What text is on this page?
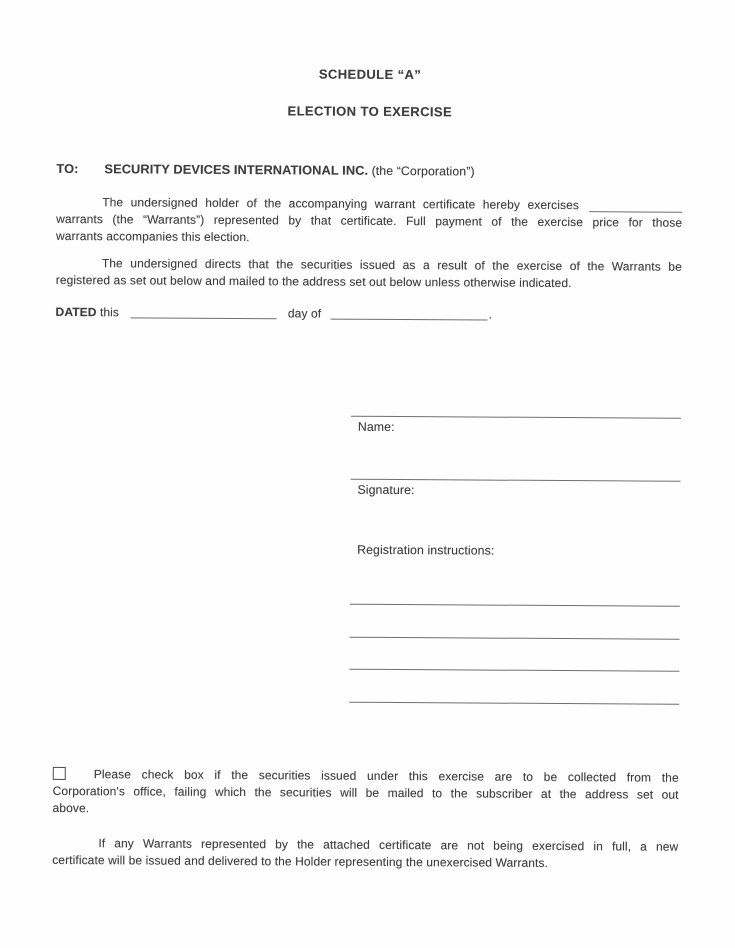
SCHEDULE “A”
ELECTION TO EXERCISE
TO: SECURITY DEVICES INTERNATIONAL INC. (the “Corporation”)
The undersigned holder of the accompanying warrant certificate hereby exercises
warrants (the “Warrants”) represented by that certificate. Full payment of the exercise price for those
warrants accompanies this election.
The undersigned directs that the securities issued as a result of the exercise of the Warrants be
registered as set out below and mailed to the address set out below unless otherwise indicated.
DATED this	day of	.
Name:
Signature:
Registration instructions:
Please check box if the securities issued under this exercise are to be collected from the
Corporation's office, failing which the securities will be mailed to the subscriber at the address set out
above.
If any Warrants represented by the attached certificate are not being exercised in full, a new
certificate will be issued and delivered to the Holder representing the unexercised Warrants.
